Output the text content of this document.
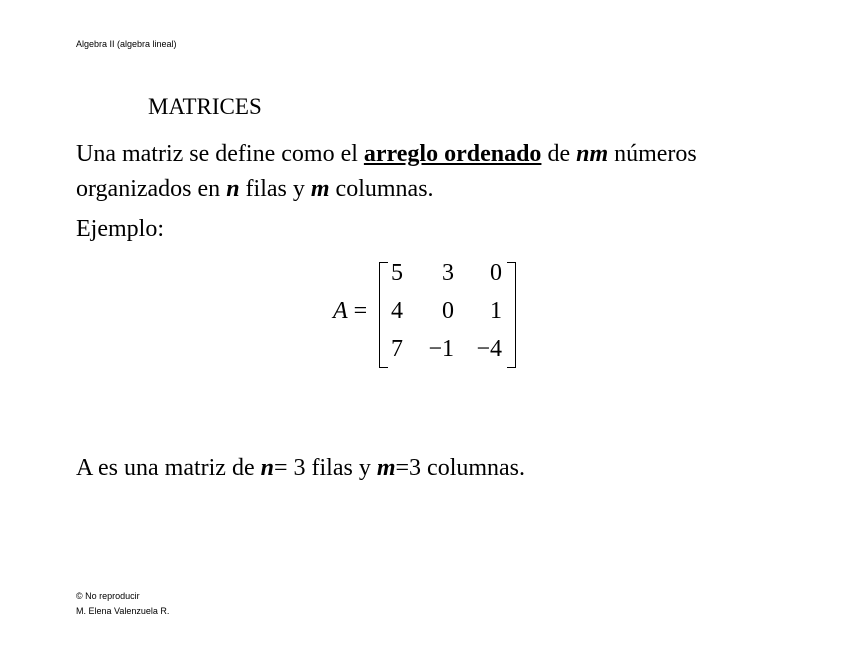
Algebra II (algebra lineal)
MATRICES
Una matriz se define como el arreglo ordenado de nm números organizados en n filas y m columnas.
Ejemplo:
A =
5	3	0
4	0	1
7 −1 −4
A es una matriz de n= 3 filas y m=3 columnas.
© No reproducir
M. Elena Valenzuela R.
